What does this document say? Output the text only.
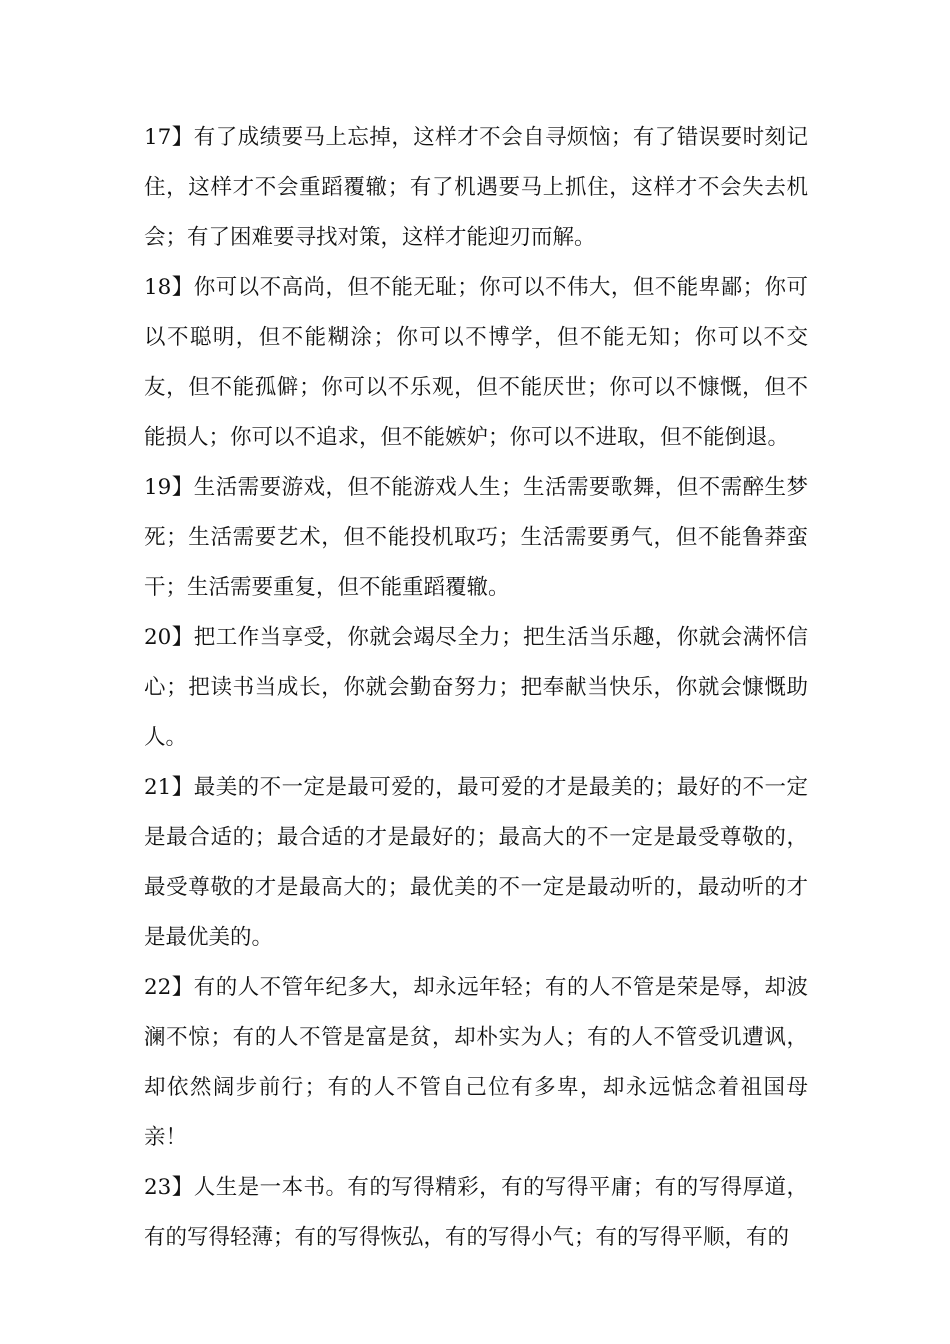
17】有了成绩要马上忘掉，这样才不会自寻烦恼；有了错误要时刻记住，这样才不会重蹈覆辙；有了机遇要马上抓住，这样才不会失去机会；有了困难要寻找对策，这样才能迎刃而解。

18】你可以不高尚，但不能无耻；你可以不伟大，但不能卑鄙；你可以不聪明，但不能糊涂；你可以不博学，但不能无知；你可以不交友，但不能孤僻；你可以不乐观，但不能厌世；你可以不慷慨，但不能损人；你可以不追求，但不能嫉妒；你可以不进取，但不能倒退。

19】生活需要游戏，但不能游戏人生；生活需要歌舞，但不需醉生梦死；生活需要艺术，但不能投机取巧；生活需要勇气，但不能鲁莽蛮干；生活需要重复，但不能重蹈覆辙。

20】把工作当享受，你就会竭尽全力；把生活当乐趣，你就会满怀信心；把读书当成长，你就会勤奋努力；把奉献当快乐，你就会慷慨助人。

21】最美的不一定是最可爱的，最可爱的才是最美的；最好的不一定是最合适的；最合适的才是最好的；最高大的不一定是最受尊敬的，最受尊敬的才是最高大的；最优美的不一定是最动听的，最动听的才是最优美的。

22】有的人不管年纪多大，却永远年轻；有的人不管是荣是辱，却波澜不惊；有的人不管是富是贫，却朴实为人；有的人不管受讥遭讽，却依然阔步前行；有的人不管自己位有多卑，却永远惦念着祖国母亲！

23】人生是一本书。有的写得精彩，有的写得平庸；有的写得厚道，有的写得轻薄；有的写得恢弘，有的写得小气；有的写得平顺，有的
